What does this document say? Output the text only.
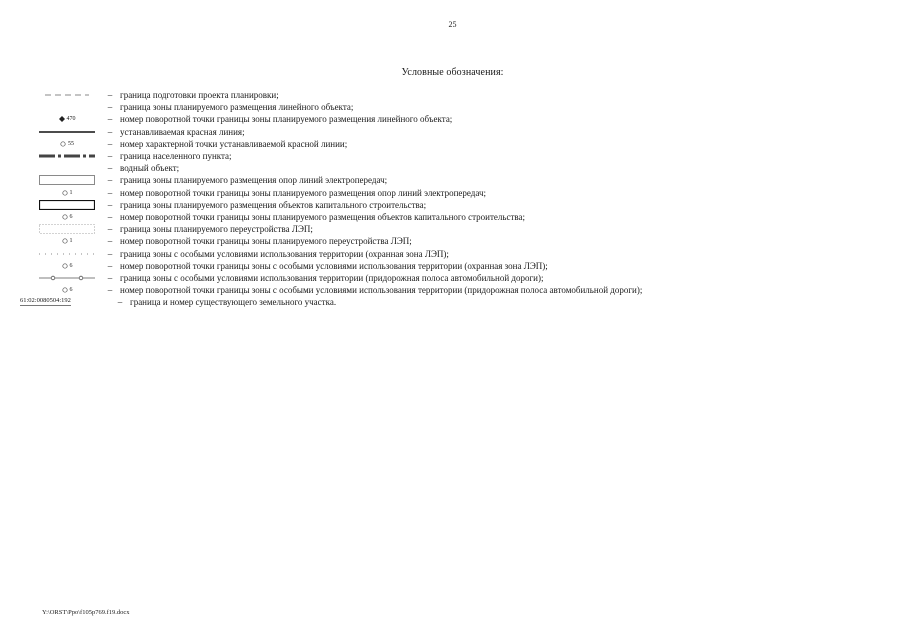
25
Условные обозначения:
– граница подготовки проекта планировки;
– граница зоны планируемого размещения линейного объекта;
470	– номер поворотной точки границы зоны планируемого размещения линейного объекта;
– устанавливаемая красная линия;
55	– номер характерной точки устанавливаемой красной линии;
– граница населенного пункта;
– водный объект;
– граница зоны планируемого размещения опор линий электропередач;
1	– номер поворотной точки границы зоны планируемого размещения опор линий электропередач;
– граница зоны планируемого размещения объектов капитального строительства;
6	– номер поворотной точки границы зоны планируемого размещения объектов капитального строительства;
– граница зоны планируемого переустройства ЛЭП;
1	– номер поворотной точки границы зоны планируемого переустройства ЛЭП;
– граница зоны с особыми условиями использования территории (охранная зона ЛЭП);
6	– номер поворотной точки границы зоны с особыми условиями использования территории (охранная зона ЛЭП);
– граница зоны с особыми условиями использования территории (придорожная полоса автомобильной дороги);
6	– номер поворотной точки границы зоны с особыми условиями использования территории (придорожная полоса автомобильной дороги);
61:02:0080504:192	– граница и номер существующего земельного участка.
Y:\ORST\Ppo\f105p769.f19.docx
